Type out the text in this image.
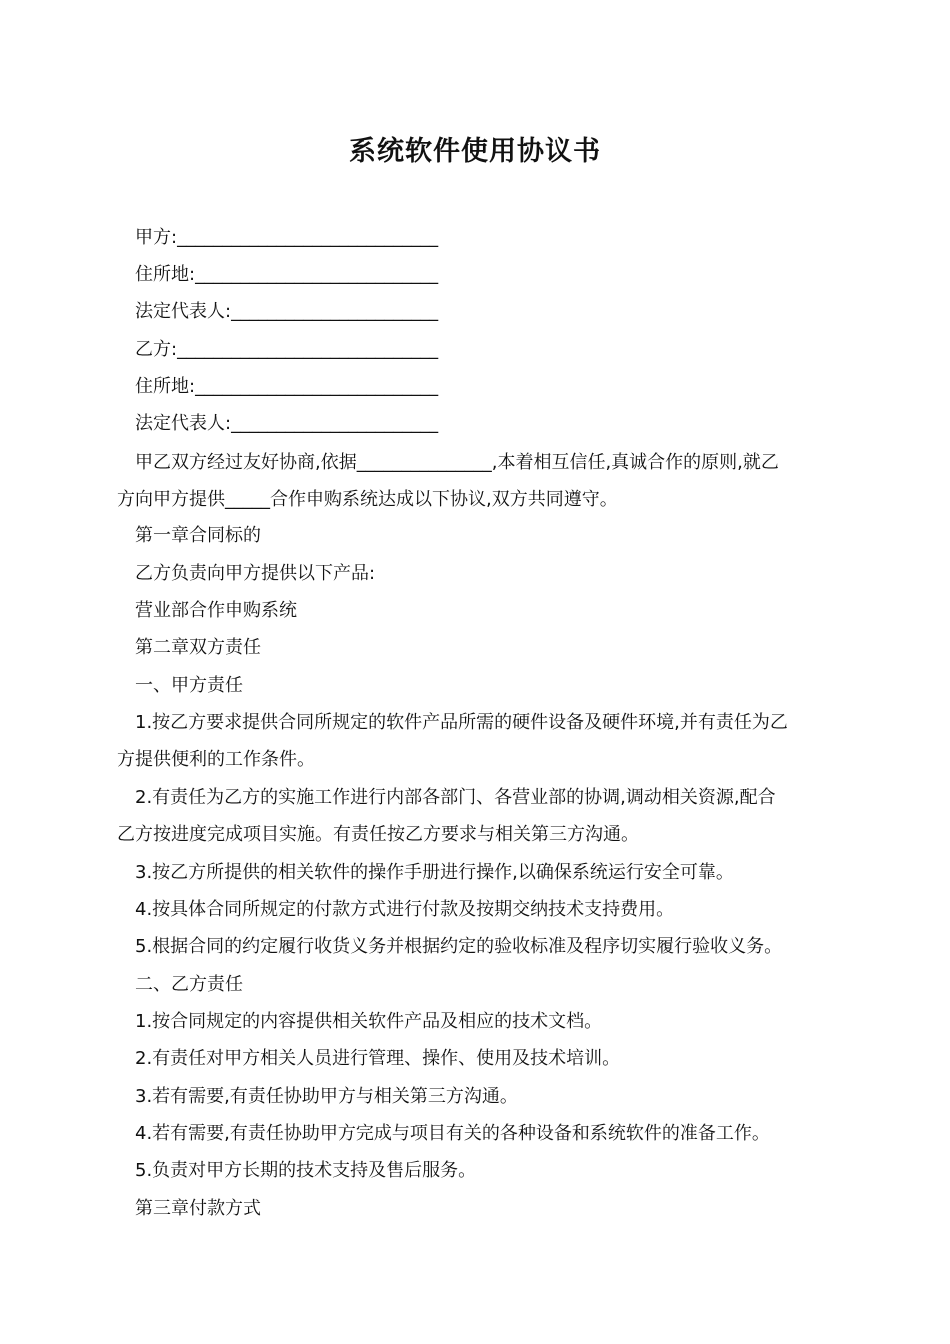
系统软件使用协议书

甲方:_____________________________

住所地:___________________________

法定代表人:_______________________

乙方:_____________________________

住所地:___________________________

法定代表人:_______________________

甲乙双方经过友好协商,依据_______________,本着相互信任,真诚合作的原则,就乙

方向甲方提供_____合作申购系统达成以下协议,双方共同遵守。

第一章合同标的

乙方负责向甲方提供以下产品:

营业部合作申购系统

第二章双方责任

一、甲方责任

1.按乙方要求提供合同所规定的软件产品所需的硬件设备及硬件环境,并有责任为乙

方提供便利的工作条件。

2.有责任为乙方的实施工作进行内部各部门、各营业部的协调,调动相关资源,配合

乙方按进度完成项目实施。有责任按乙方要求与相关第三方沟通。

3.按乙方所提供的相关软件的操作手册进行操作,以确保系统运行安全可靠。

4.按具体合同所规定的付款方式进行付款及按期交纳技术支持费用。

5.根据合同的约定履行收货义务并根据约定的验收标准及程序切实履行验收义务。

二、乙方责任

1.按合同规定的内容提供相关软件产品及相应的技术文档。

2.有责任对甲方相关人员进行管理、操作、使用及技术培训。

3.若有需要,有责任协助甲方与相关第三方沟通。

4.若有需要,有责任协助甲方完成与项目有关的各种设备和系统软件的准备工作。

5.负责对甲方长期的技术支持及售后服务。

第三章付款方式
